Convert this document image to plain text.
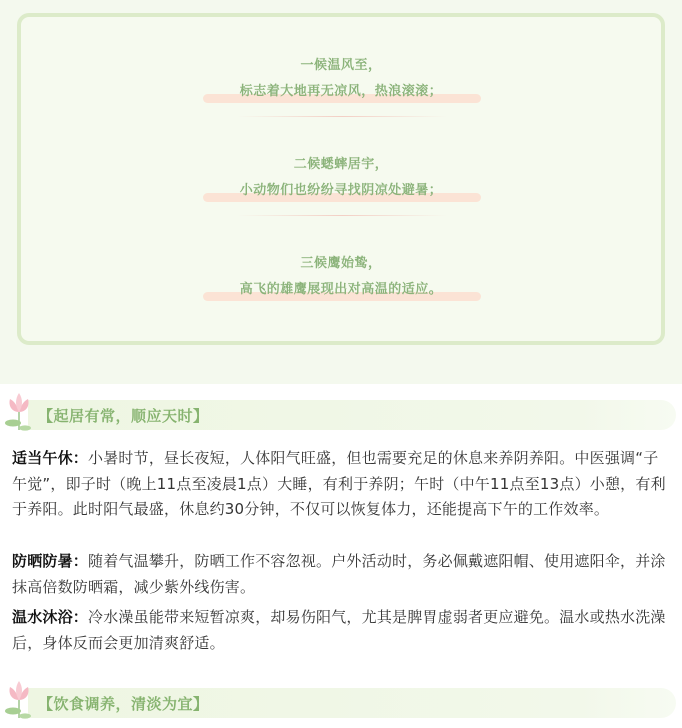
一候温风至，
标志着大地再无凉风，热浪滚滚；
二候蟋蟀居宇，
小动物们也纷纷寻找阴凉处避暑；
三候鹰始鸷，
高飞的雄鹰展现出对高温的适应。
【起居有常，顺应天时】
适当午休：小暑时节，昼长夜短，人体阳气旺盛，但也需要充足的休息来养阴养阳。中医强调“子午觉”，即子时（晚上11点至凌晨1点）大睡，有利于养阴；午时（中午11点至13点）小憩，有利于养阳。此时阳气最盛，休息约30分钟，不仅可以恢复体力，还能提高下午的工作效率。
防晒防暑：随着气温攀升，防晒工作不容忽视。户外活动时，务必佩戴遮阳帽、使用遮阳伞，并涂抹高倍数防晒霜，减少紫外线伤害。
温水沐浴：冷水澡虽能带来短暂凉爽，却易伤阳气，尤其是脾胃虚弱者更应避免。温水或热水洗澡后，身体反而会更加清爽舒适。
【饮食调养，清淡为宜】
